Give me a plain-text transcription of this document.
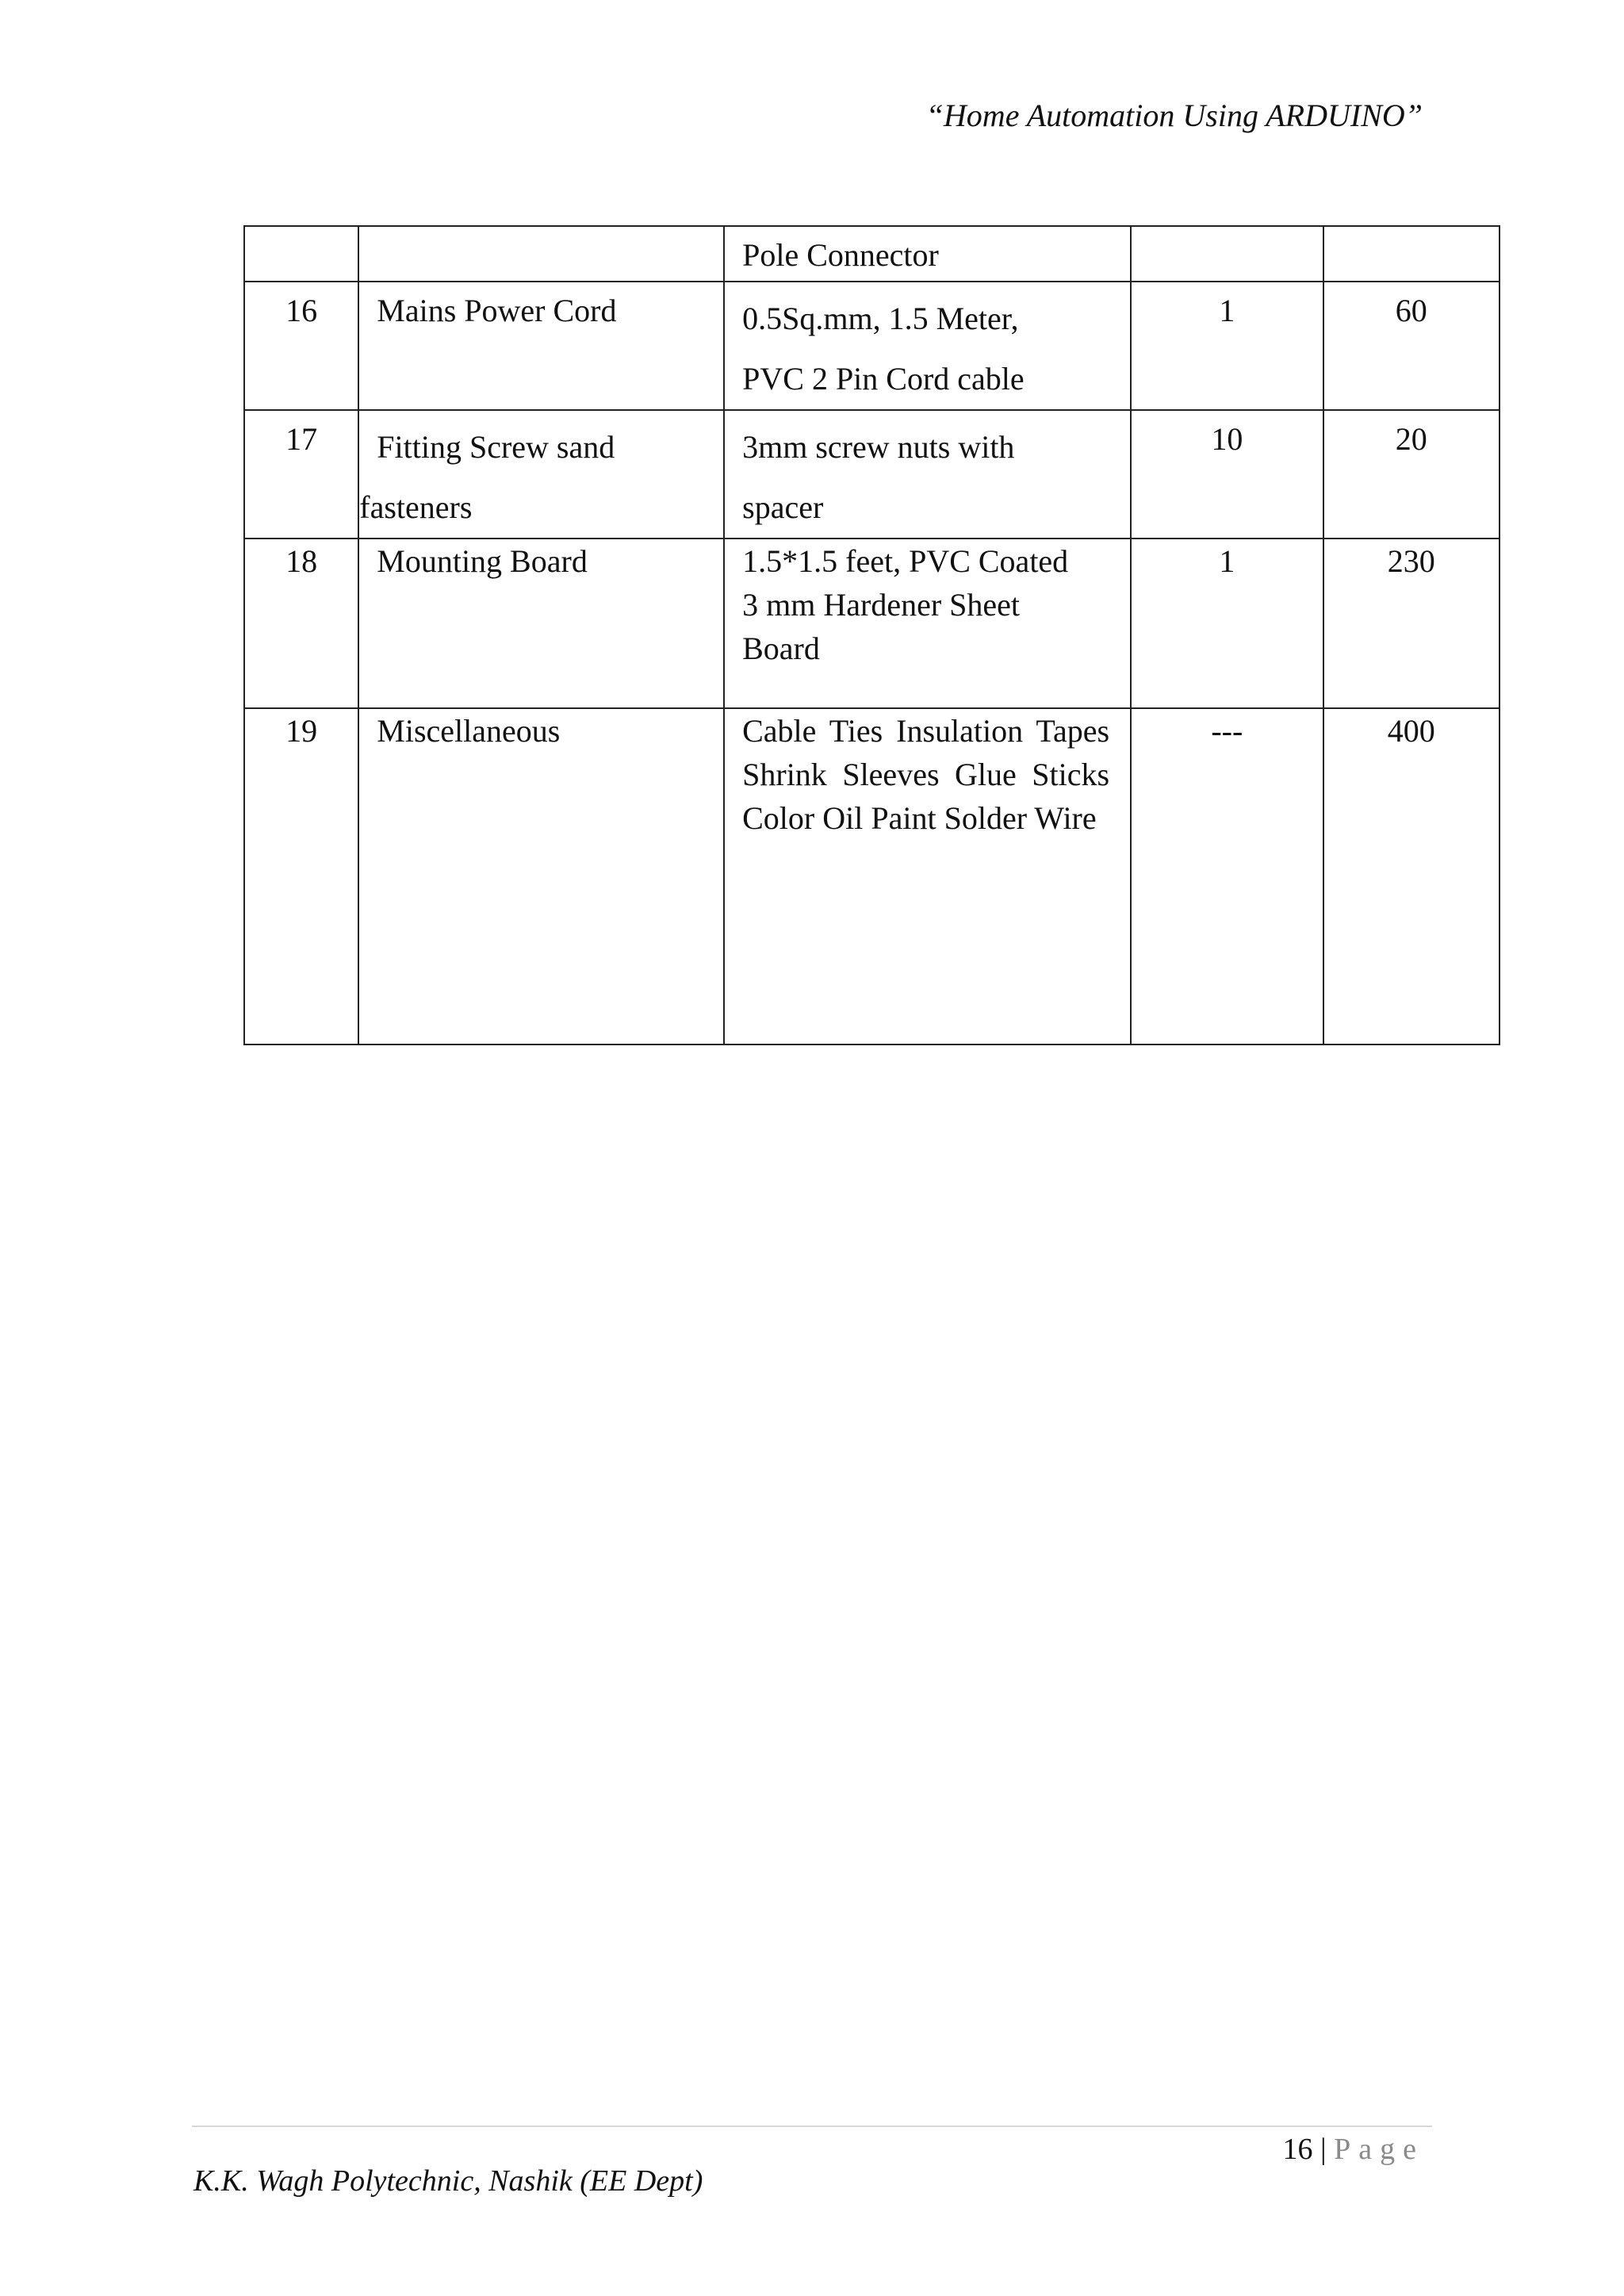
“Home Automation Using ARDUINO”

		Pole Connector		

16	Mains Power Cord	0.5Sq.mm, 1.5 Meter,
PVC 2 Pin Cord cable	1	60

17	Fitting Screw sand
fasteners	3mm screw nuts with
spacer	10	20

18	Mounting Board	1.5*1.5 feet, PVC Coated
3 mm Hardener Sheet
Board	1	230

19	Miscellaneous	Cable Ties Insulation Tapes
Shrink Sleeves Glue Sticks
Color Oil Paint Solder Wire	---	400
16 | Page
K.K. Wagh Polytechnic, Nashik (EE Dept)
